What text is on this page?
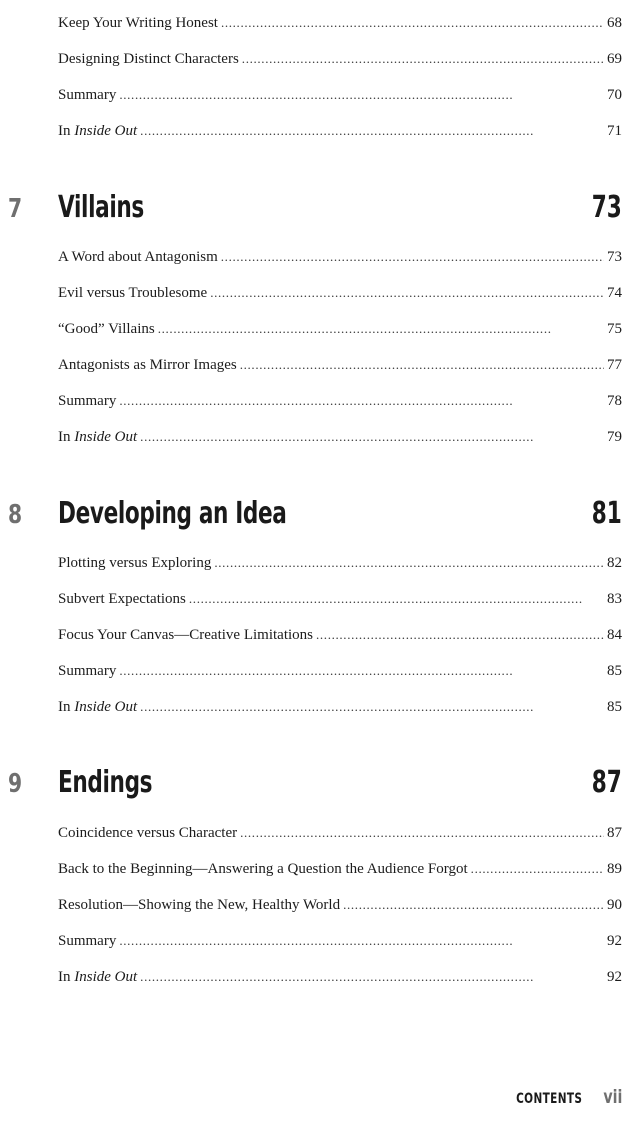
Keep Your Writing Honest . . .	68
Designing Distinct Characters . . .	69
Summary . . .	70
In Inside Out . . .	71
7 Villains	73
A Word about Antagonism . . .	73
Evil versus Troublesome . . .	74
“Good” Villains . . .	75
Antagonists as Mirror Images . . .	77
Summary . . .	78
In Inside Out . . .	79
8 Developing an Idea	81
Plotting versus Exploring . . .	82
Subvert Expectations . . .	83
Focus Your Canvas—Creative Limitations . . .	84
Summary . . .	85
In Inside Out . . .	85
9 Endings	87
Coincidence versus Character . . .	87
Back to the Beginning—Answering a Question the Audience Forgot . . .	89
Resolution—Showing the New, Healthy World . . .	90
Summary . . .	92
In Inside Out . . .	92
CONTENTS vii
